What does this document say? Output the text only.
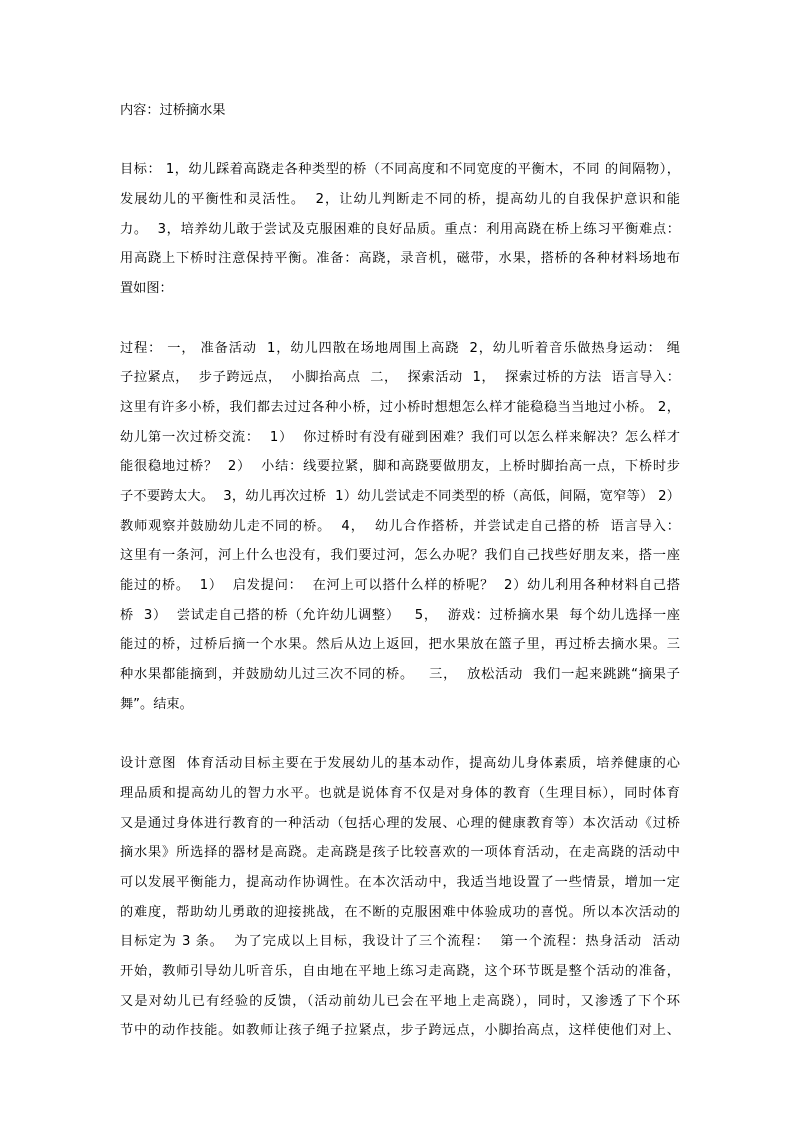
内容：过桥摘水果
目标： 1，幼儿踩着高跷走各种类型的桥（不同高度和不同宽度的平衡木，不同 的间隔物），
发展幼儿的平衡性和灵活性。  2，让幼儿判断走不同的桥，提高幼儿的自我保护意识和能
力。  3，培养幼儿敢于尝试及克服困难的良好品质。重点：利用高跷在桥上练习平衡难点：
用高跷上下桥时注意保持平衡。准备：高跷，录音机，磁带，水果，搭桥的各种材料场地布
置如图：
过程： 一， 准备活动  1，幼儿四散在场地周围上高跷  2，幼儿听着音乐做热身运动： 绳
子拉紧点，  步子跨远点，  小脚抬高点  二，  探索活动  1，  探索过桥的方法  语言导入：
这里有许多小桥，我们都去过过各种小桥，过小桥时想想怎么样才能稳稳当当地过小桥。 2，
幼儿第一次过桥交流：  1）  你过桥时有没有碰到困难？我们可以怎么样来解决？怎么样才
能很稳地过桥？  2）  小结：线要拉紧，脚和高跷要做朋友，上桥时脚抬高一点，下桥时步
子不要跨太大。  3，幼儿再次过桥  1）幼儿尝试走不同类型的桥（高低，间隔，宽窄等） 2）
教师观察并鼓励幼儿走不同的桥。  4，  幼儿合作搭桥，并尝试走自己搭的桥  语言导入：
这里有一条河，河上什么也没有，我们要过河，怎么办呢？我们自己找些好朋友来，搭一座
能过的桥。  1）  启发提问：  在河上可以搭什么样的桥呢？  2）幼儿利用各种材料自己搭
桥  3）  尝试走自己搭的桥（允许幼儿调整）   5，  游戏：过桥摘水果  每个幼儿选择一座
能过的桥，过桥后摘一个水果。然后从边上返回，把水果放在篮子里，再过桥去摘水果。三
种水果都能摘到，并鼓励幼儿过三次不同的桥。   三，  放松活动  我们一起来跳跳“摘果子
舞”。结束。
设计意图  体育活动目标主要在于发展幼儿的基本动作，提高幼儿身体素质，培养健康的心
理品质和提高幼儿的智力水平。也就是说体育不仅是对身体的教育（生理目标），同时体育
又是通过身体进行教育的一种活动（包括心理的发展、心理的健康教育等）本次活动《过桥
摘水果》所选择的器材是高跷。走高跷是孩子比较喜欢的一项体育活动，在走高跷的活动中
可以发展平衡能力，提高动作协调性。在本次活动中，我适当地设置了一些情景，增加一定
的难度，帮助幼儿勇敢的迎接挑战，在不断的克服困难中体验成功的喜悦。所以本次活动的
目标定为 3 条。  为了完成以上目标，我设计了三个流程：  第一个流程：热身活动  活动
开始，教师引导幼儿听音乐，自由地在平地上练习走高跷，这个环节既是整个活动的准备，
又是对幼儿已有经验的反馈，（活动前幼儿已会在平地上走高跷），同时，又渗透了下个环
节中的动作技能。如教师让孩子绳子拉紧点，步子跨远点，小脚抬高点，这样使他们对上、
